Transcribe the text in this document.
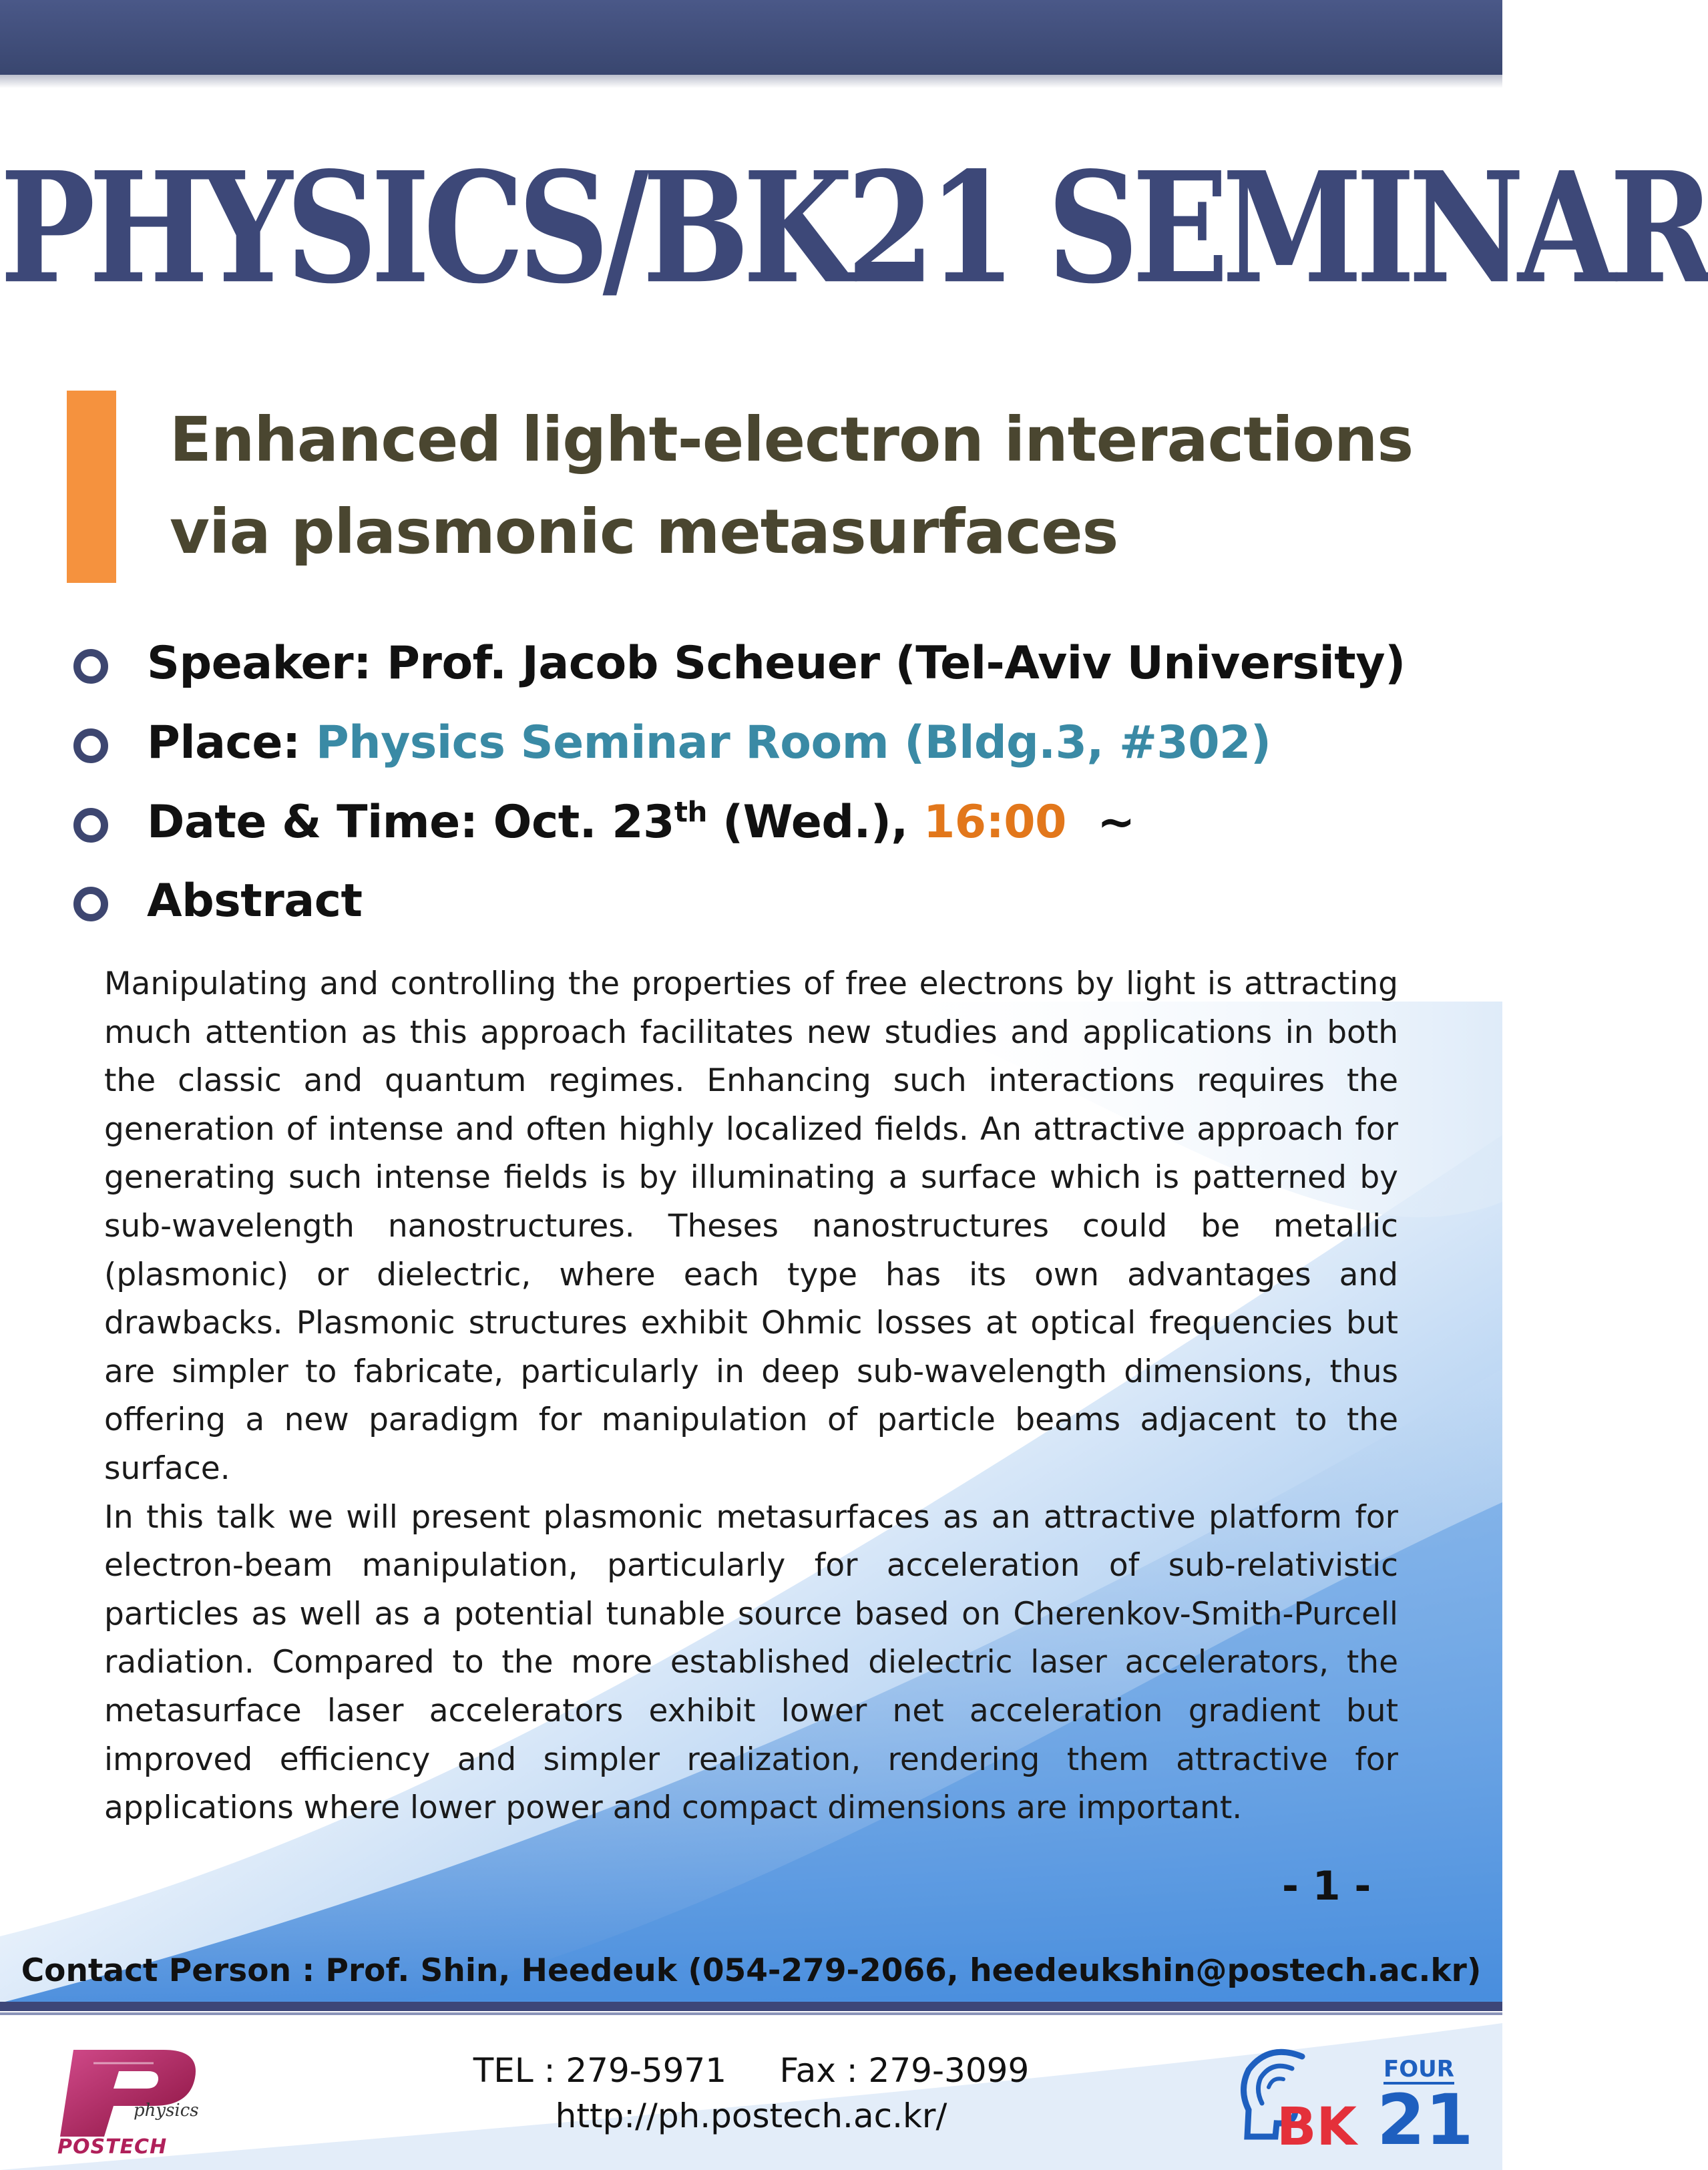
PHYSICS/BK21 SEMINAR
Enhanced light-electron interactions
via plasmonic metasurfaces
Speaker: Prof. Jacob Scheuer (Tel-Aviv University)
Place: Physics Seminar Room (Bldg.3, #302)
Date & Time: Oct. 23th (Wed.), 16:00  ~
Abstract

Manipulating and controlling the properties of free electrons by light is attracting much attention as this approach facilitates new studies and applications in both the classic and quantum regimes. Enhancing such interactions requires the generation of intense and often highly localized fields. An attractive approach for generating such intense fields is by illuminating a surface which is patterned by sub-wavelength nanostructures. Theses nanostructures could be metallic (plasmonic) or dielectric, where each type has its own advantages and drawbacks. Plasmonic structures exhibit Ohmic losses at optical frequencies but are simpler to fabricate, particularly in deep sub-wavelength dimensions, thus offering a new paradigm for manipulation of particle beams adjacent to the surface.

In this talk we will present plasmonic metasurfaces as an attractive platform for electron-beam manipulation, particularly for acceleration of sub-relativistic particles as well as a potential tunable source based on Cherenkov-Smith-Purcell radiation. Compared to the more established dielectric laser accelerators, the metasurface laser accelerators exhibit lower net acceleration gradient but improved efficiency and simpler realization, rendering them attractive for applications where lower power and compact dimensions are important.

- 1 -
Contact Person : Prof. Shin, Heedeuk (054-279-2066, heedeukshin@postech.ac.kr)
TEL : 279-5971     Fax : 279-3099
http://ph.postech.ac.kr/
physics
POSTECH
FOUR
BK 21
